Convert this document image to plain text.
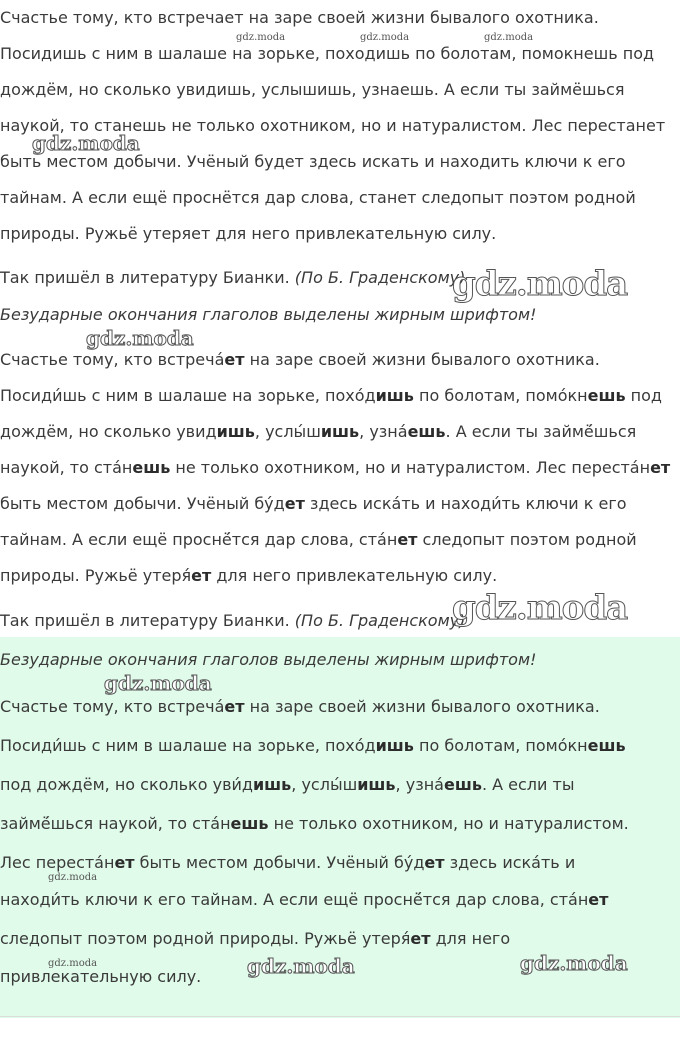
Счастье тому, кто встречает на заре своей жизни бывалого охотника.
Посидишь с ним в шалаше на зорьке, походишь по болотам, помокнешь под
дождём, но сколько увидишь, услышишь, узнаешь. А если ты займёшься
наукой, то станешь не только охотником, но и натуралистом. Лес перестанет
быть местом добычи. Учёный будет здесь искать и находить ключи к его
тайнам. А если ещё проснётся дар слова, станет следопыт поэтом родной
природы. Ружьё утеряет для него привлекательную силу.
Так пришёл в литературу Бианки. (По Б. Граденскому)
Безударные окончания глаголов выделены жирным шрифтом!
Счастье тому, кто встреча́ет на заре своей жизни бывалого охотника.
Посиди́шь с ним в шалаше на зорьке, похо́дишь по болотам, помо́кнешь под
дождём, но сколько увидишь, услы́шишь, узна́ешь. А если ты займё́шься
наукой, то ста́нешь не только охотником, но и натуралистом. Лес переста́нет
быть местом добычи. Учёный бу́дет здесь иска́ть и находи́ть ключи к его
тайнам. А если ещё проснё́тся дар слова, ста́нет следопыт поэтом родной
природы. Ружьё утеря́ет для него привлекательную силу.
Так пришёл в литературу Бианки. (По Б. Граденскому)
Безударные окончания глаголов выделены жирным шрифтом!
Счастье тому, кто встреча́ет на заре своей жизни бывалого охотника.
Посиди́шь с ним в шалаше на зорьке, похо́дишь по болотам, помо́кнешь
под дождём, но сколько уви́дишь, услы́шишь, узна́ешь. А если ты
займё́шься наукой, то ста́нешь не только охотником, но и натуралистом.
Лес переста́нет быть местом добычи. Учёный бу́дет здесь иска́ть и
находи́ть ключи к его тайнам. А если ещё проснё́тся дар слова, ста́нет
следопыт поэтом родной природы. Ружьё утеря́ет для него
привлекательную силу.
gdz.moda	gdz.moda	gdz.moda
gdz.moda
gdz.moda
gdz.moda
gdz.moda
gdz.moda
gdz.moda
gdz.moda	gdz.moda	gdz.moda
